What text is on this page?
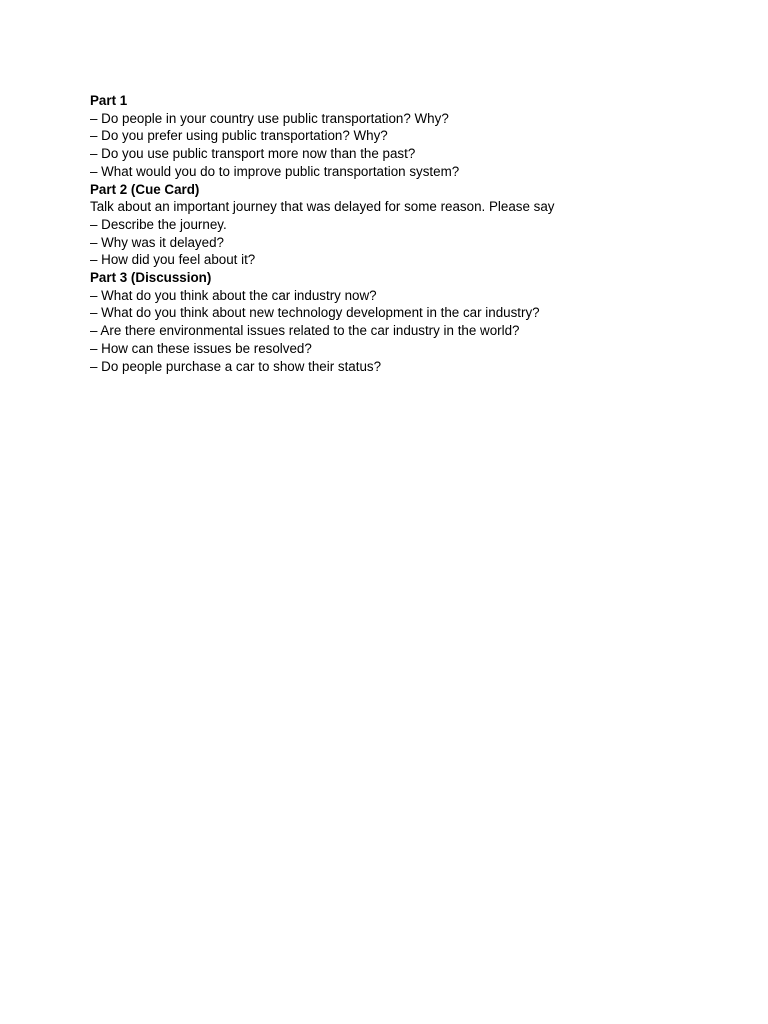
Part 1
– Do people in your country use public transportation? Why?
– Do you prefer using public transportation? Why?
– Do you use public transport more now than the past?
– What would you do to improve public transportation system?
Part 2 (Cue Card)
Talk about an important journey that was delayed for some reason. Please say
– Describe the journey.
– Why was it delayed?
– How did you feel about it?
Part 3 (Discussion)
– What do you think about the car industry now?
– What do you think about new technology development in the car industry?
– Are there environmental issues related to the car industry in the world?
– How can these issues be resolved?
– Do people purchase a car to show their status?
